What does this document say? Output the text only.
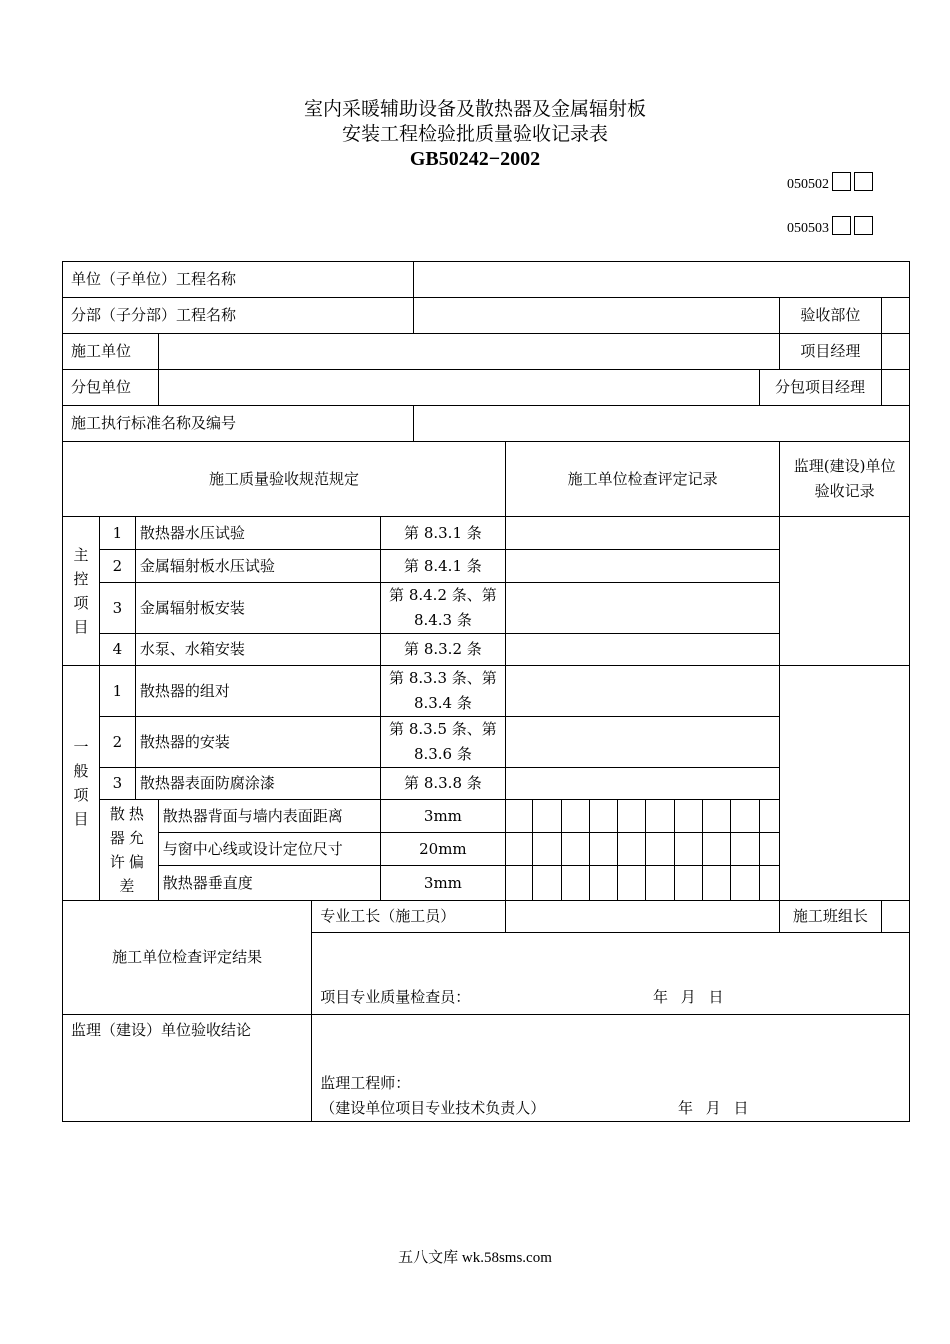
室内采暖辅助设备及散热器及金属辐射板
安装工程检验批质量验收记录表
GB50242−2002
050502
050503
单位（子单位）工程名称																		
分部（子分部）工程名称																	验收部位	
施工单位																	项目经理	
分包单位																分包项目经理		
施工执行标准名称及编号																		
施工质量验收规范规定							施工单位检查评定记录										监理(建设)单位验收记录	
主控项目	1	散热器水压试验			第 8.3.1 条													
	2	金属辐射板水压试验			第 8.4.1 条													
	3	金属辐射板安装			第 8.4.2 条、第 8.4.3 条													
	4	水泵、水箱安装			第 8.3.2 条													
一般项目	1	散热器的组对			第 8.3.3 条、第 8.3.4 条													
	2	散热器的安装			第 8.3.5 条、第 8.3.6 条													
	3	散热器表面防腐涂漆			第 8.3.8 条													
	散热器允许偏差		散热器背面与墙内表面距离		3mm													
			与窗中心线或设计定位尺寸		20mm													
			散热器垂直度		3mm													
施工单位检查评定结果				专业工长（施工员）													施工班组长	
				项目专业质量检查员： 年 月 日														
监理（建设）单位验收结论				监理工程师：
（建设单位项目专业技术负责人） 年 月 日														
五八文库 wk.58sms.com
